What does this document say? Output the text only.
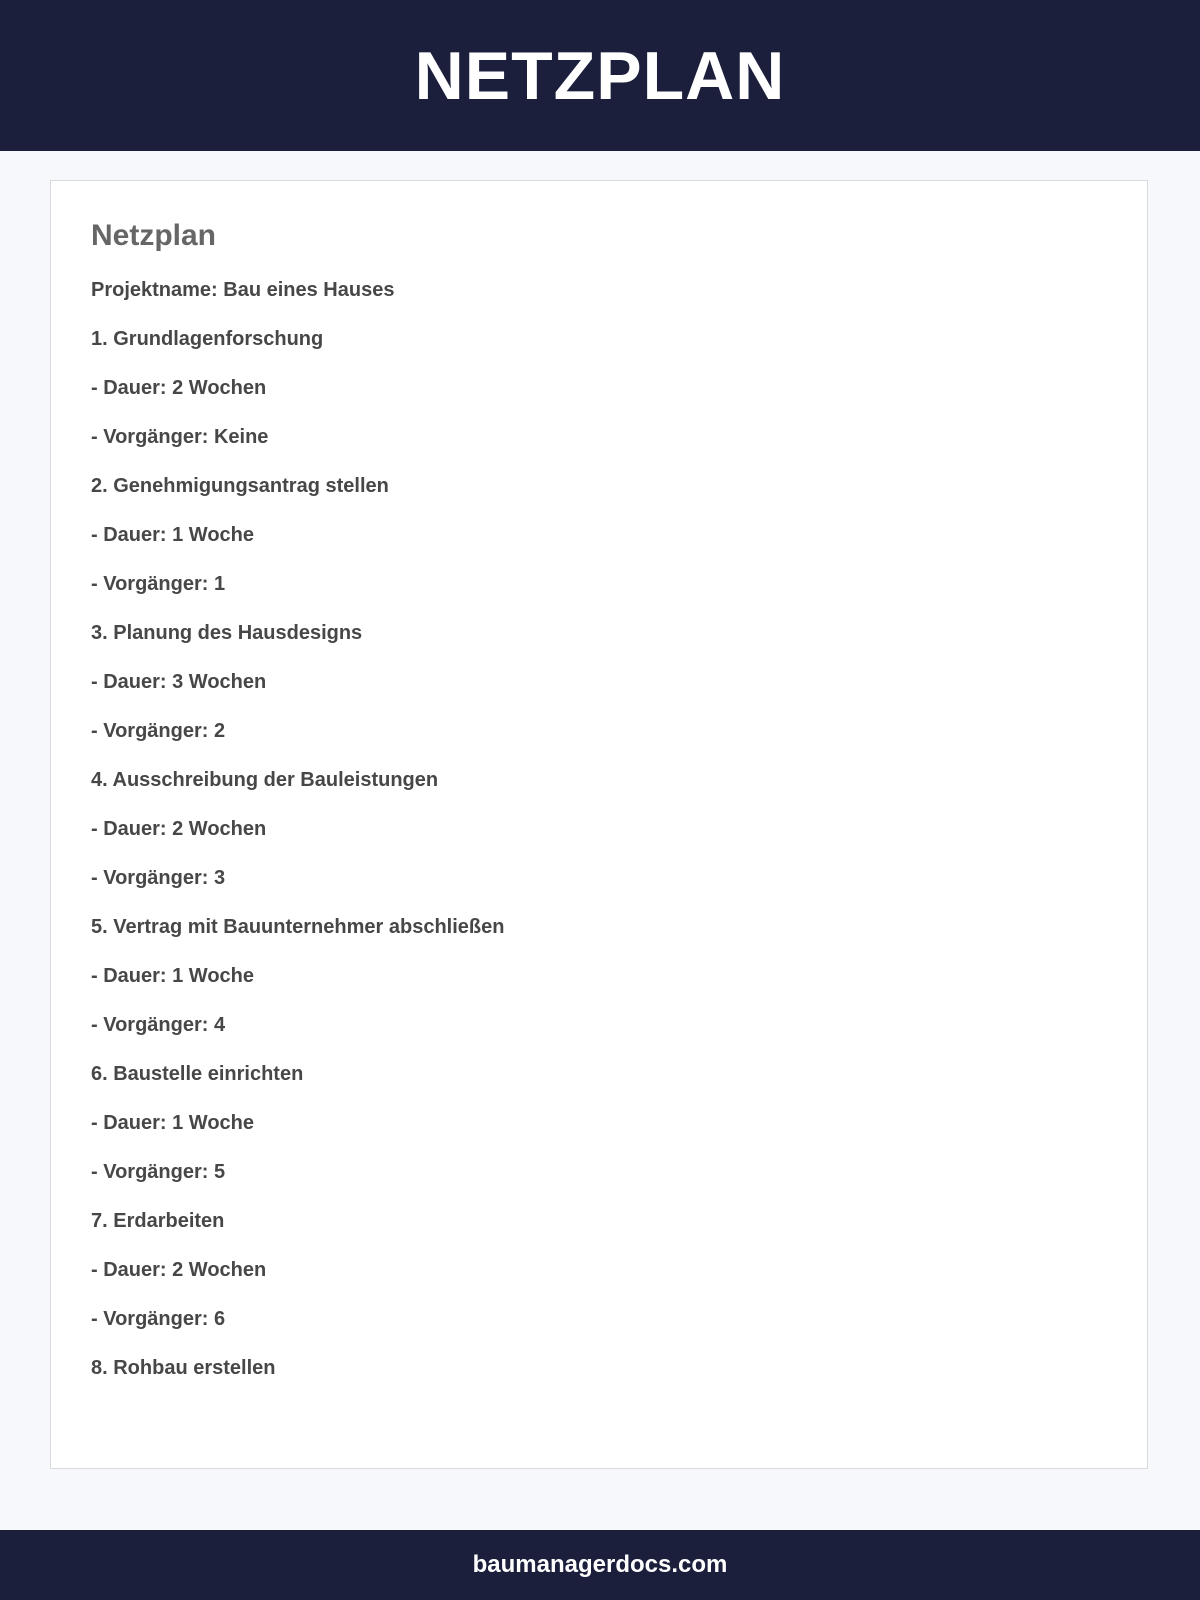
NETZPLAN
Netzplan
Projektname: Bau eines Hauses
1. Grundlagenforschung
- Dauer: 2 Wochen
- Vorgänger: Keine
2. Genehmigungsantrag stellen
- Dauer: 1 Woche
- Vorgänger: 1
3. Planung des Hausdesigns
- Dauer: 3 Wochen
- Vorgänger: 2
4. Ausschreibung der Bauleistungen
- Dauer: 2 Wochen
- Vorgänger: 3
5. Vertrag mit Bauunternehmer abschließen
- Dauer: 1 Woche
- Vorgänger: 4
6. Baustelle einrichten
- Dauer: 1 Woche
- Vorgänger: 5
7. Erdarbeiten
- Dauer: 2 Wochen
- Vorgänger: 6
8. Rohbau erstellen
baumanagerdocs.com
